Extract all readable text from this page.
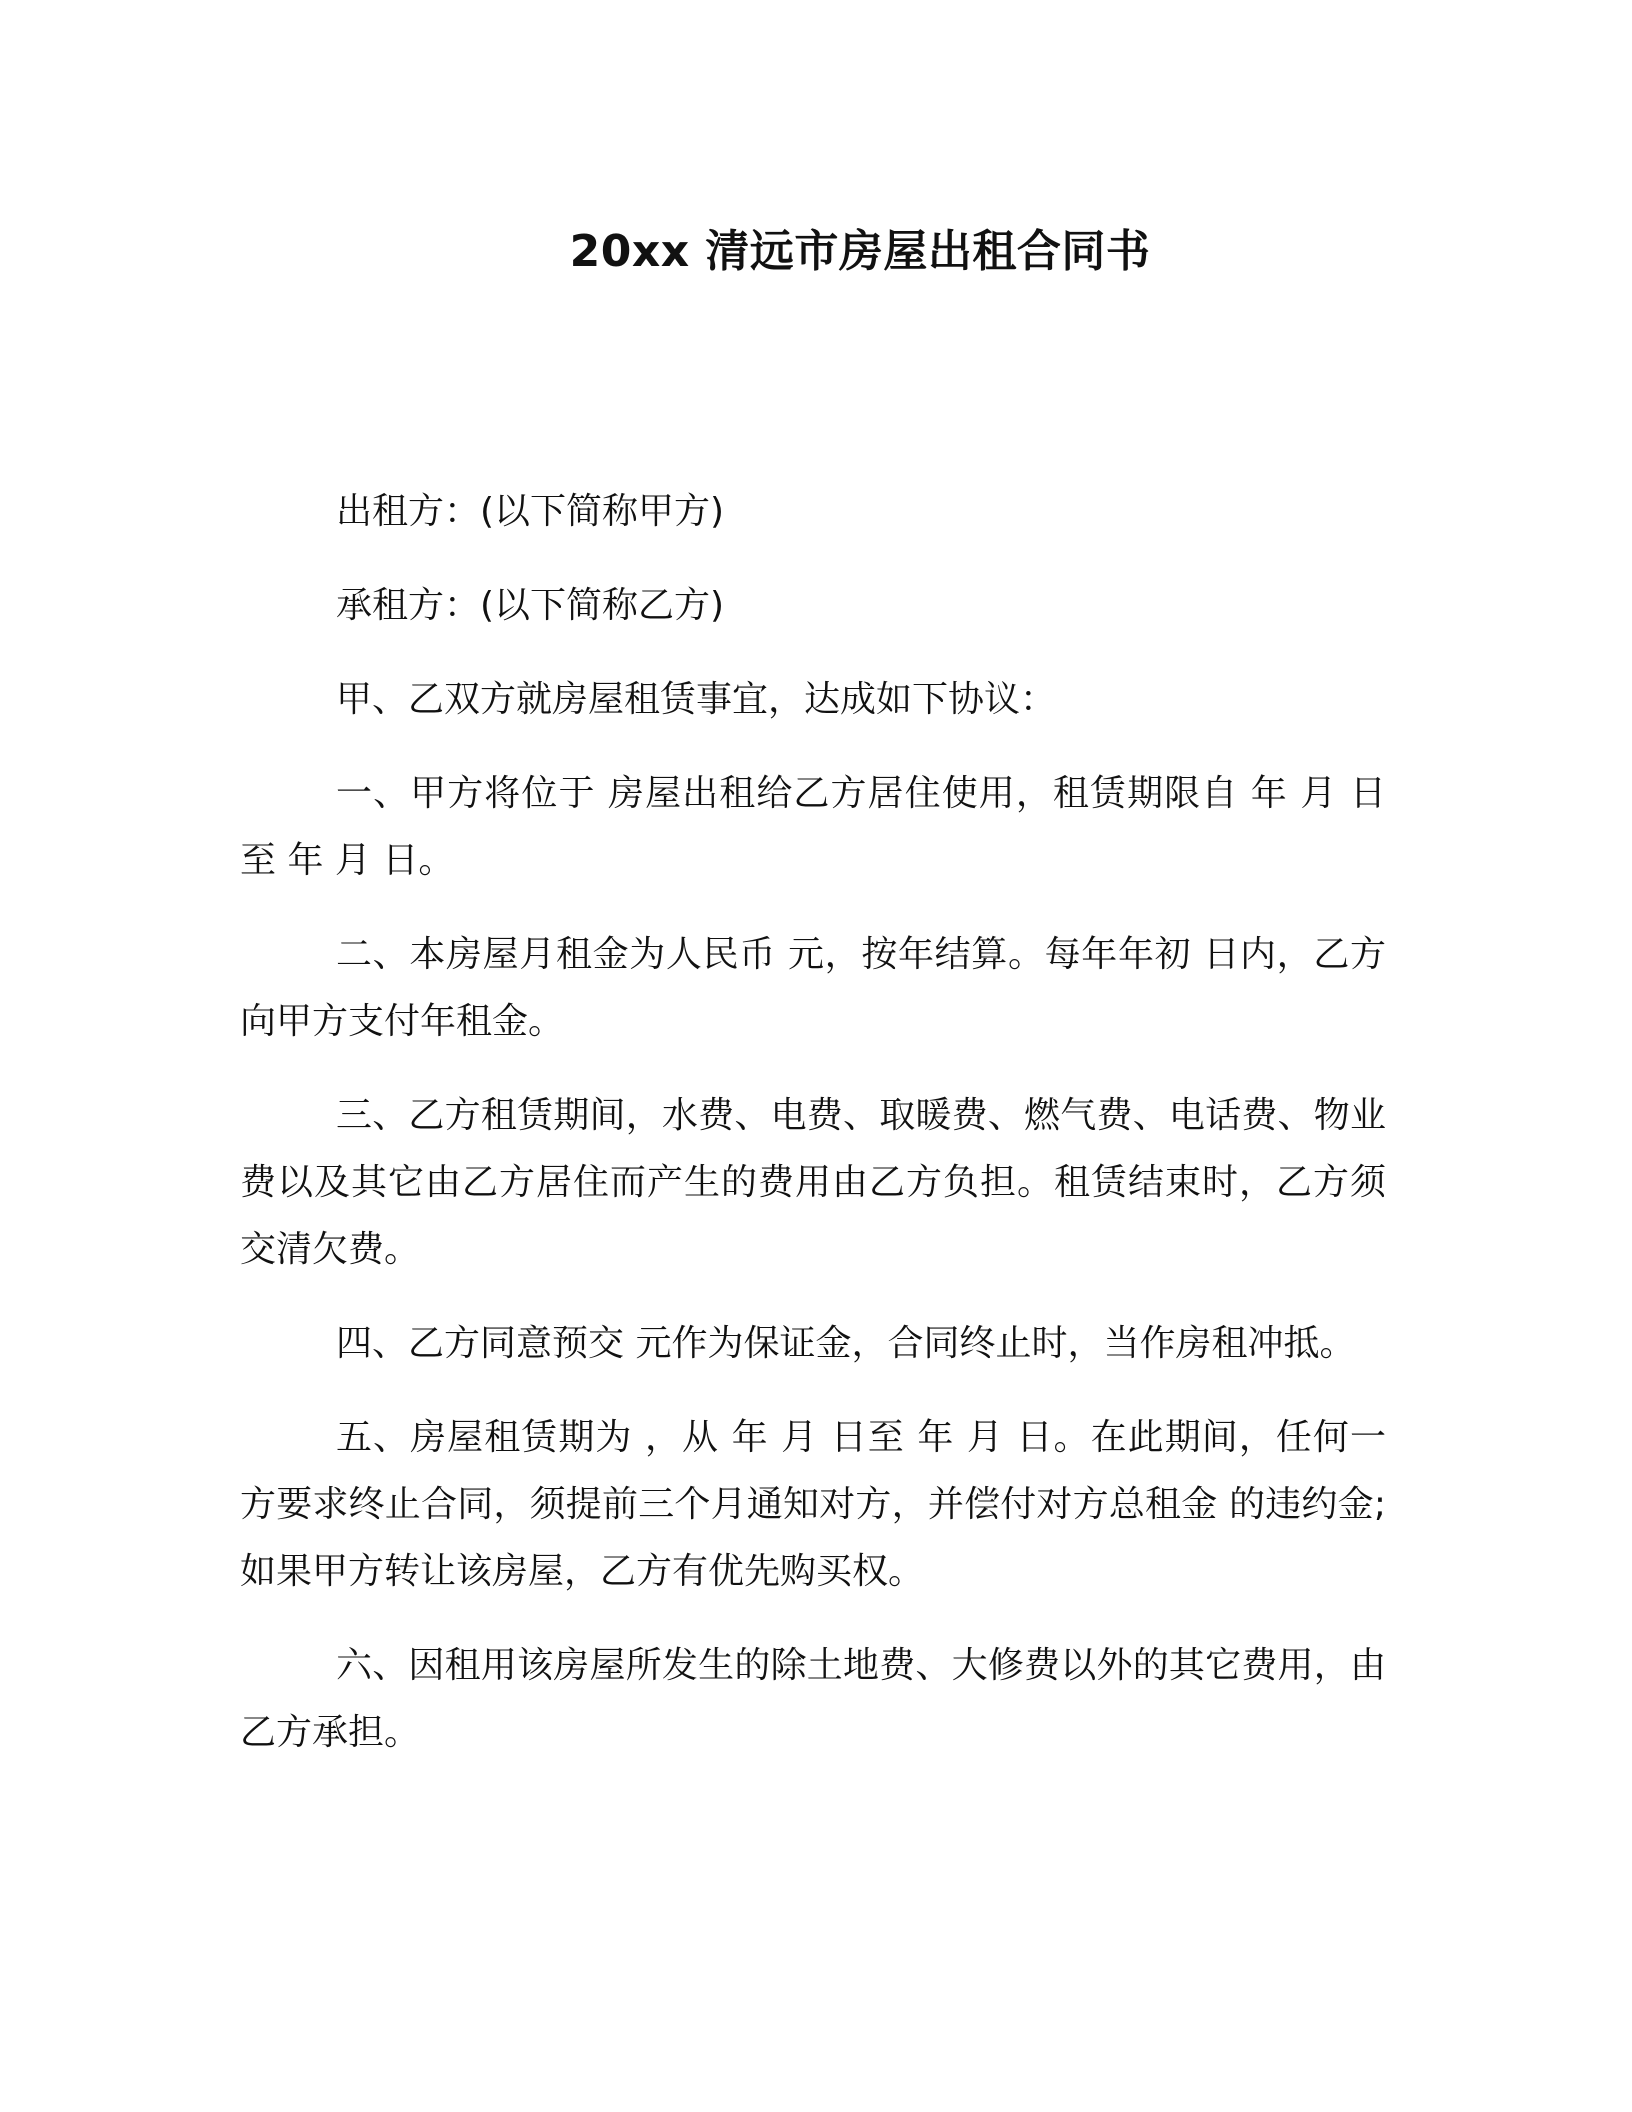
20xx 清远市房屋出租合同书

出租方：(以下简称甲方)

承租方：(以下简称乙方)

甲、乙双方就房屋租赁事宜，达成如下协议：

一、甲方将位于 房屋出租给乙方居住使用，租赁期限自 年 月 日至 年 月 日。

二、本房屋月租金为人民币 元，按年结算。每年年初 日内，乙方向甲方支付年租金。

三、乙方租赁期间，水费、电费、取暖费、燃气费、电话费、物业费以及其它由乙方居住而产生的费用由乙方负担。租赁结束时，乙方须交清欠费。

四、乙方同意预交 元作为保证金，合同终止时，当作房租冲抵。

五、房屋租赁期为 ，从 年 月 日至 年 月 日。在此期间，任何一方要求终止合同，须提前三个月通知对方，并偿付对方总租金 的违约金;如果甲方转让该房屋，乙方有优先购买权。

六、因租用该房屋所发生的除土地费、大修费以外的其它费用，由乙方承担。
